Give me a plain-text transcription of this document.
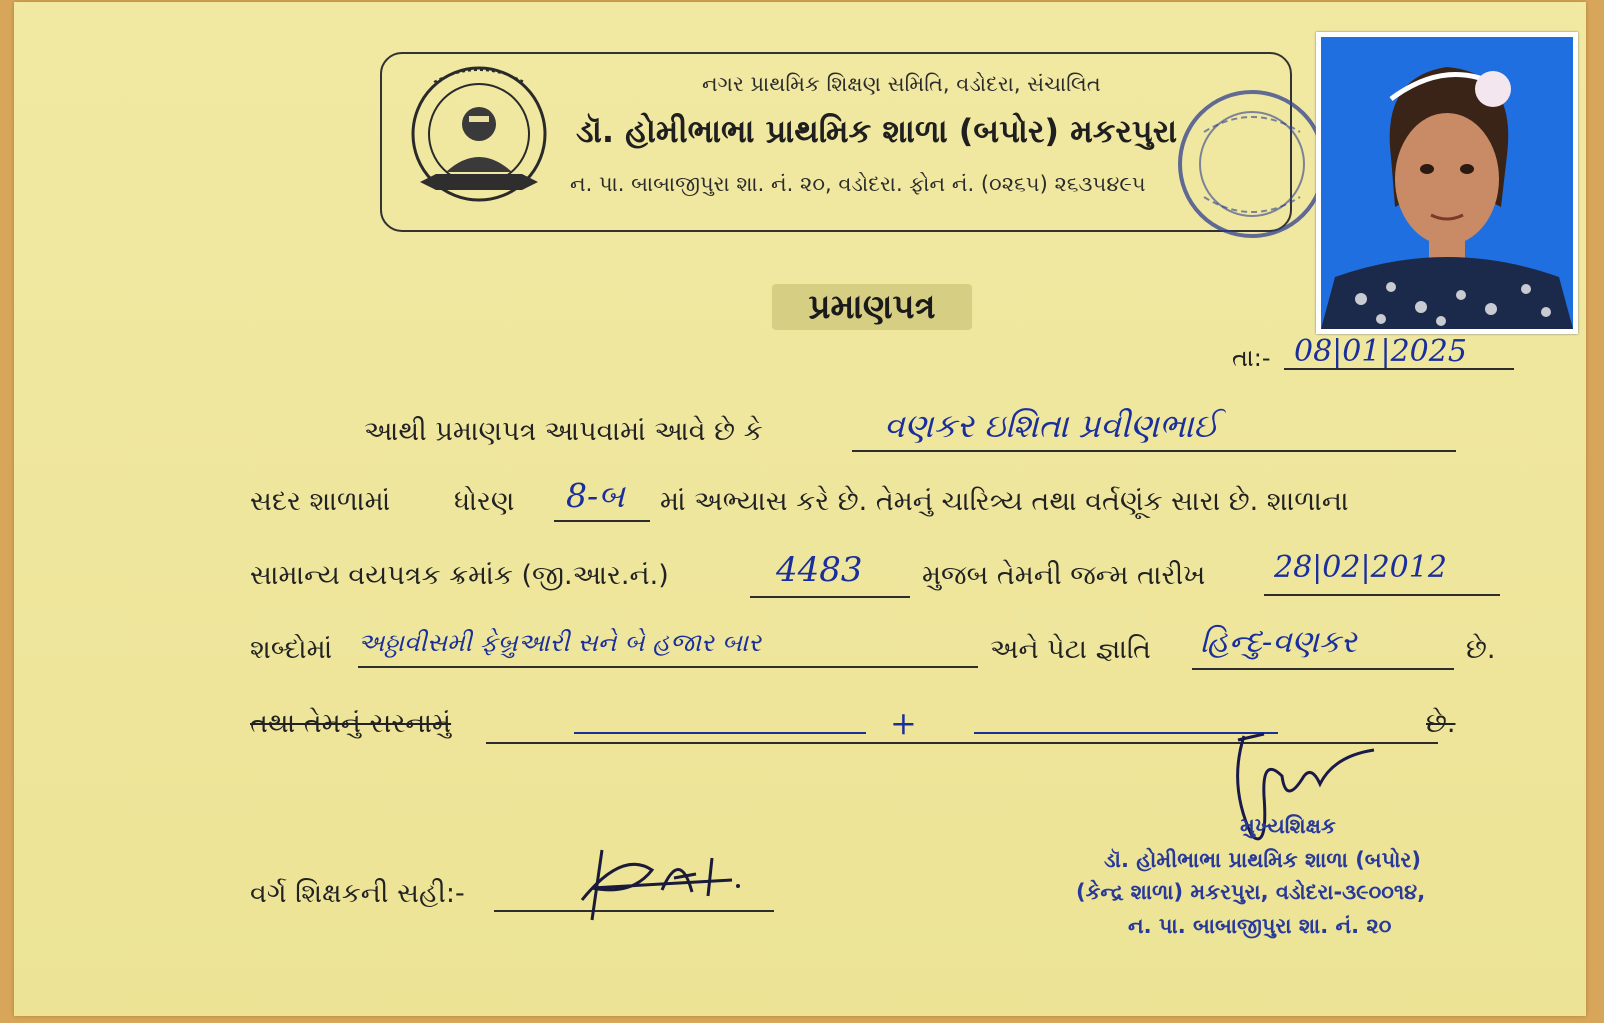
નગર પ્રાથમિક શિક્ષણ સમિતિ, વડોદરા, સંચાલિત

ડૉ. હોમીભાભા પ્રાથમિક શાળા (બપોર) મકરપુરા

ન. પા. બાબાજીપુરા શા. નં. ૨૦, વડોદરા. ફોન નં. (૦૨૬૫) ૨૬૩૫૪૯૫

પ્રમાણપત્ર
તા:- 08|01|2025
આથી પ્રમાણપત્ર આપવામાં આવે છે કે	વણકર ઇશિતા પ્રવીણભાઈ
સદર શાળામાં ધોરણ 8-બ માં અભ્યાસ કરે છે. તેમનું ચારિત્ર્ય તથા વર્તણૂંક સારા છે. શાળાના
સામાન્ય વયપત્રક ક્રમાંક (જી.આર.નં.)	4483 મુજબ તેમની જન્મ તારીખ 28|02|2012
શબ્દોમાં અઠ્ઠાવીસમી ફેબ્રુઆરી સને બે હજાર બાર	અને પેટા જ્ઞાતિ હિન્દુ-વણકર	છે.
તથા તેમનું સરનામું	+	છે.
મુખ્યશિક્ષક
ડૉ. હોમીભાભા પ્રાથમિક શાળા (બપોર)
(કેન્દ્ર શાળા) મકરપુરા, વડોદરા-૩૯૦૦૧૪,
ન. પા. બાબાજીપુરા શા. નં. ૨૦
વર્ગ શિક્ષકની સહી:-
